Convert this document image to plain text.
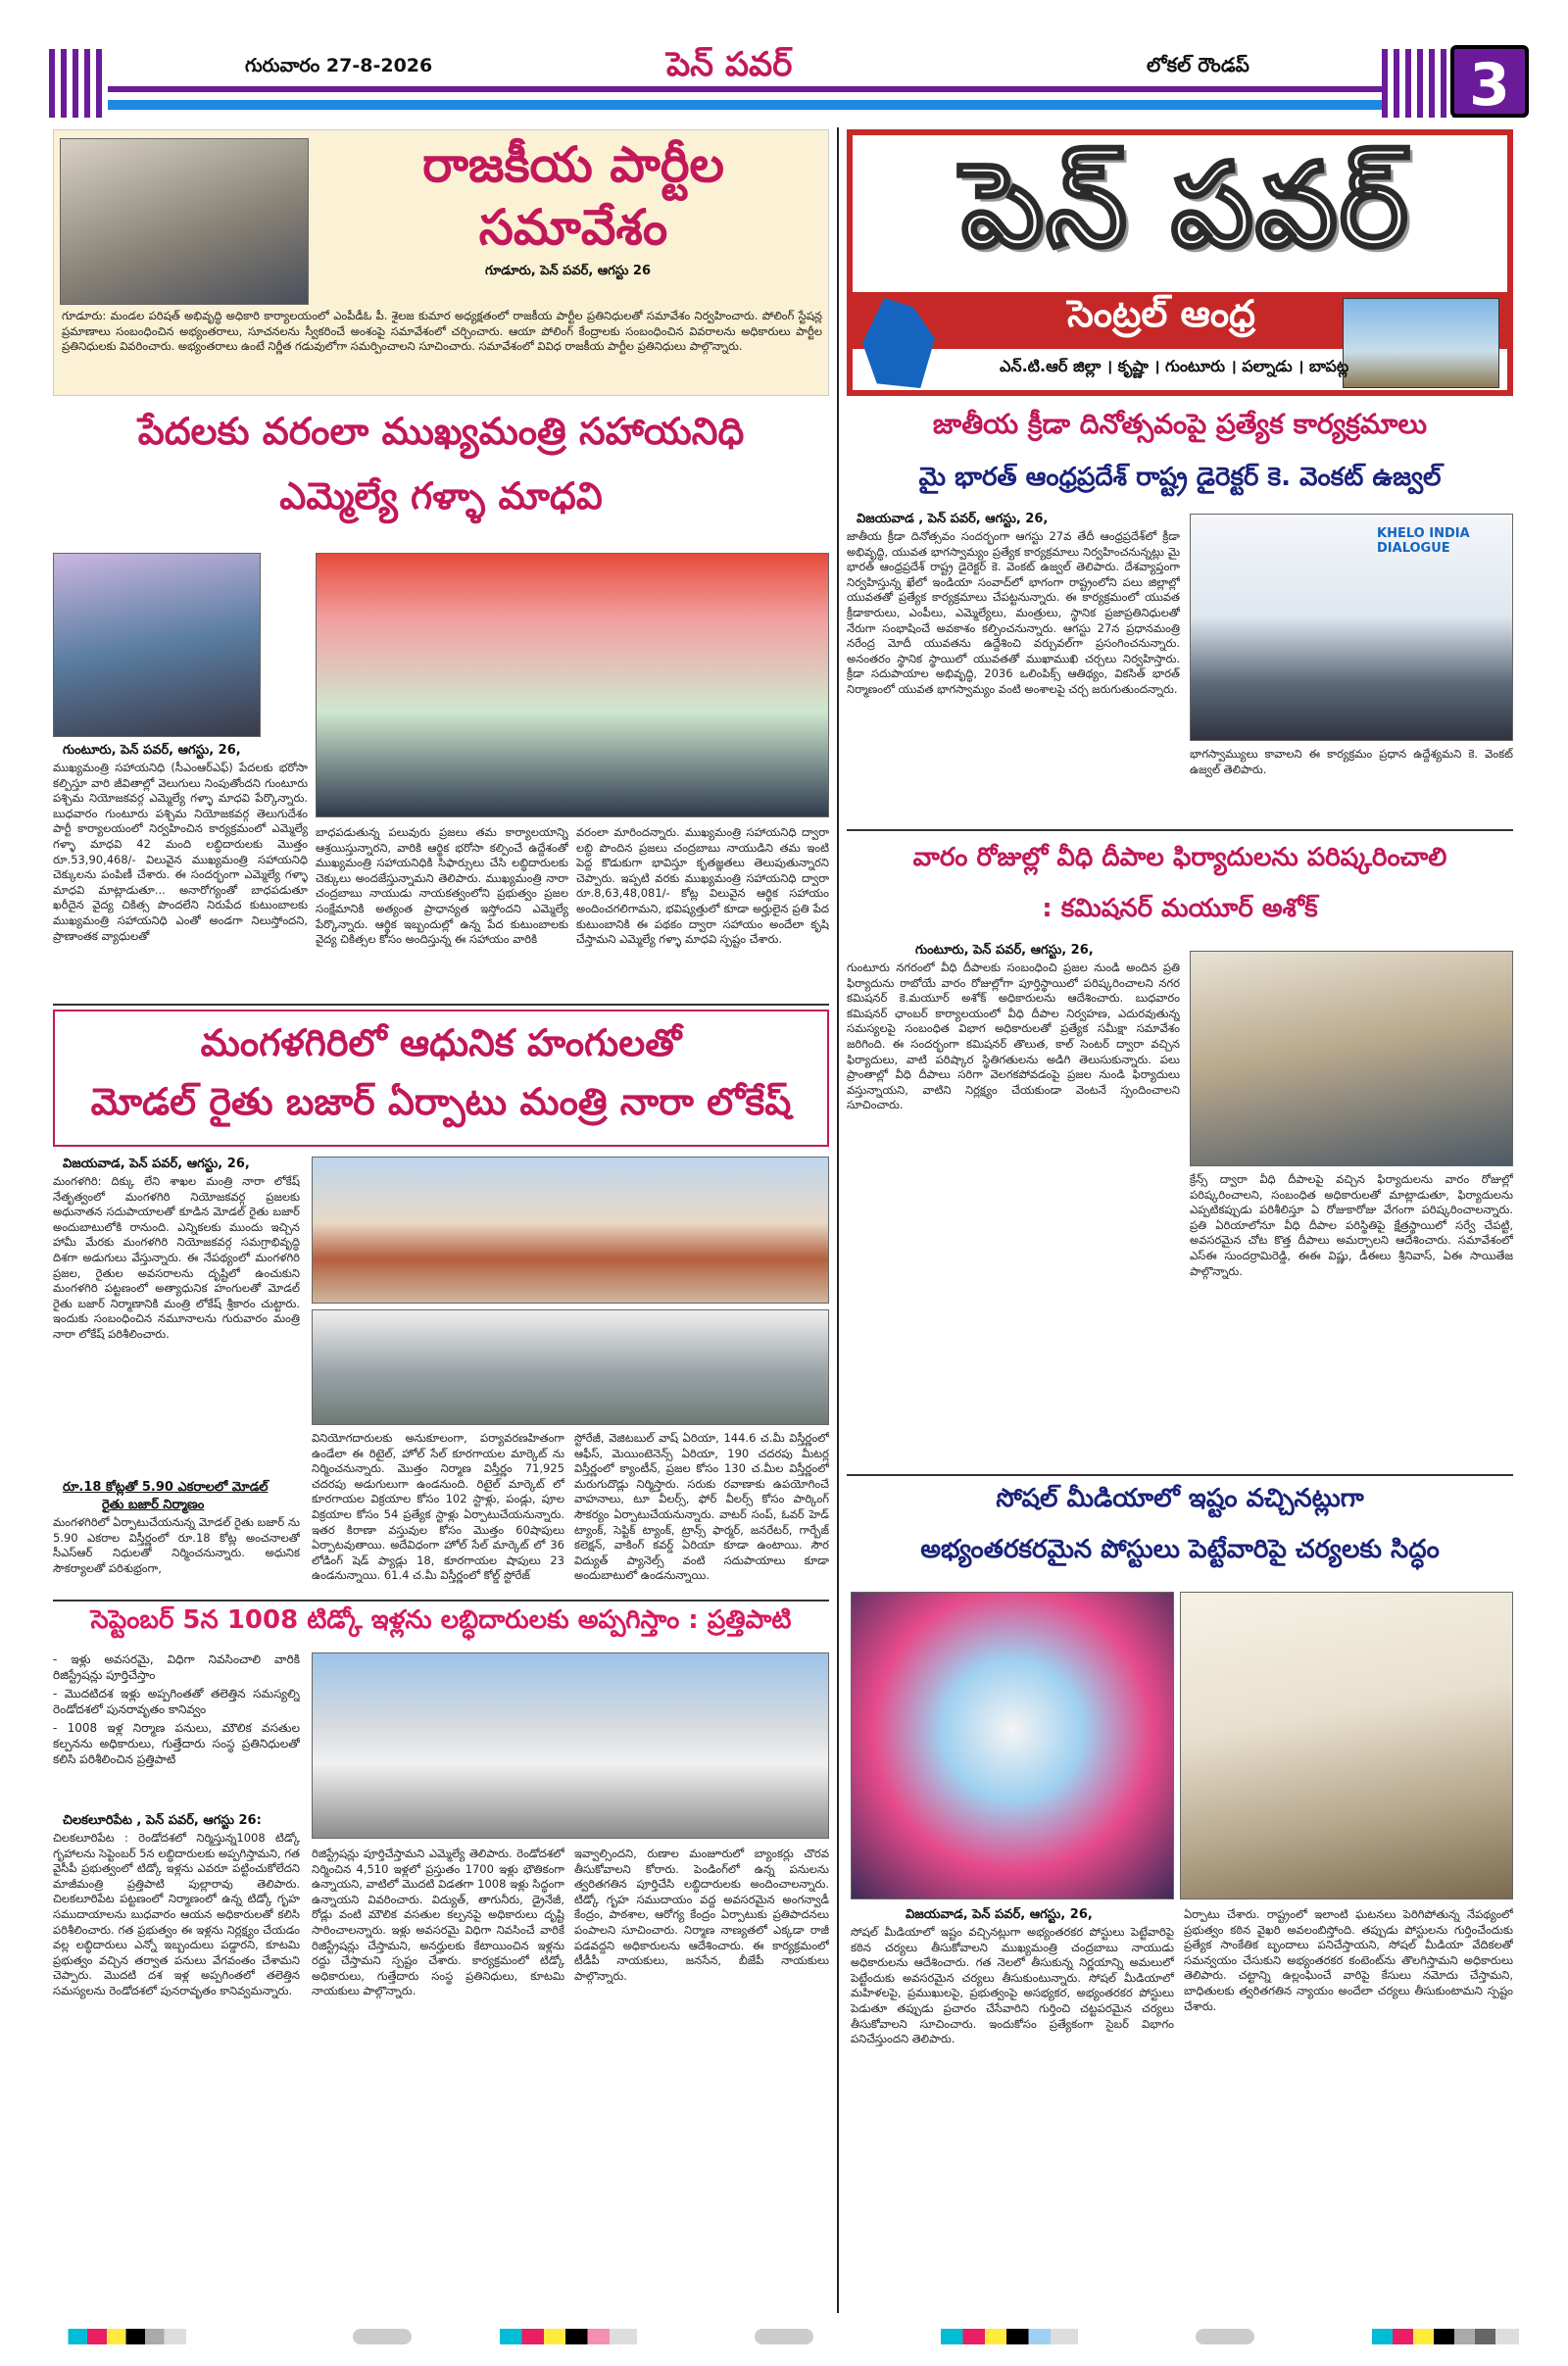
గురువారం 27-8-2026	పెన్ పవర్	లోకల్ రౌండప్	3
రాజకీయ పార్టీల
సమావేశం
గూడూరు, పెన్ పవర్, ఆగస్టు 26
గూడూరు: మండల పరిషత్ అభివృద్ధి అధికారి కార్యాలయంలో ఎంపీడీఓ పీ. శైలజ కుమార అధ్యక్షతంలో రాజకీయ పార్టీల ప్రతినిధులతో సమావేశం నిర్వహించారు. పోలింగ్ స్టేషన్ల ప్రమాణాలు సంబంధించిన అభ్యంతరాలు, సూచనలను స్వీకరించే అంశంపై సమావేశంలో చర్చించారు. ఆయా పోలింగ్ కేంద్రాలకు సంబంధించిన వివరాలను అధికారులు పార్టీల ప్రతినిధులకు వివరించారు. అభ్యంతరాలు ఉంటే నిర్ణీత గడువులోగా సమర్పించాలని సూచించారు. సమావేశంలో వివిధ రాజకీయ పార్టీల ప్రతినిధులు పాల్గొన్నారు.
పెన్ పవర్
సెంట్రల్ ఆంధ్ర
ఎన్.టి.ఆర్ జిల్లా । కృష్ణా । గుంటూరు । పల్నాడు । బాపట్ల
పేదలకు వరంలా ముఖ్యమంత్రి సహాయనిధి
ఎమ్మెల్యే గళ్ళా మాధవి
గుంటూరు, పెన్ పవర్, ఆగస్టు, 26,
ముఖ్యమంత్రి సహాయనిధి (సీఎంఆర్ఎఫ్) పేదలకు భరోసా కల్పిస్తూ వారి జీవితాల్లో వెలుగులు నింపుతోందని గుంటూరు పశ్చిమ నియోజకవర్గ ఎమ్మెల్యే గళ్ళా మాధవి పేర్కొన్నారు. బుధవారం గుంటూరు పశ్చిమ నియోజకవర్గ తెలుగుదేశం పార్టీ కార్యాలయంలో నిర్వహించిన కార్యక్రమంలో ఎమ్మెల్యే గళ్ళా మాధవి 42 మంది లబ్ధిదారులకు మొత్తం రూ.53,90,468/- విలువైన ముఖ్యమంత్రి సహాయనిధి చెక్కులను పంపిణీ చేశారు. ఈ సందర్భంగా ఎమ్మెల్యే గళ్ళా మాధవి మాట్లాడుతూ... అనారోగ్యంతో బాధపడుతూ ఖరీదైన వైద్య చికిత్స పొందలేని నిరుపేద కుటుంబాలకు ముఖ్యమంత్రి సహాయనిధి ఎంతో అండగా నిలుస్తోందని, ప్రాణాంతక వ్యాధులతో
బాధపడుతున్న పలువురు ప్రజలు తమ కార్యాలయాన్ని ఆశ్రయిస్తున్నారని, వారికి ఆర్థిక భరోసా కల్పించే ఉద్దేశంతో ముఖ్యమంత్రి సహాయనిధికి సిఫార్సులు చేసి లబ్ధిదారులకు చెక్కులు అందజేస్తున్నామని తెలిపారు. ముఖ్యమంత్రి నారా చంద్రబాబు నాయుడు నాయకత్వంలోని ప్రభుత్వం ప్రజల సంక్షేమానికి అత్యంత ప్రాధాన్యత ఇస్తోందని ఎమ్మెల్యే పేర్కొన్నారు. ఆర్థిక ఇబ్బందుల్లో ఉన్న పేద కుటుంబాలకు వైద్య చికిత్సల కోసం అందిస్తున్న ఈ సహాయం వారికి
వరంలా మారిందన్నారు. ముఖ్యమంత్రి సహాయనిధి ద్వారా లబ్ధి పొందిన ప్రజలు చంద్రబాబు నాయుడిని తమ ఇంటి పెద్ద కొడుకుగా భావిస్తూ కృతజ్ఞతలు తెలుపుతున్నారని చెప్పారు. ఇప్పటి వరకు ముఖ్యమంత్రి సహాయనిధి ద్వారా రూ.8,63,48,081/- కోట్ల విలువైన ఆర్థిక సహాయం అందించగలిగామని, భవిష్యత్తులో కూడా అర్హులైన ప్రతి పేద కుటుంబానికి ఈ పథకం ద్వారా సహాయం అందేలా కృషి చేస్తామని ఎమ్మెల్యే గళ్ళా మాధవి స్పష్టం చేశారు.
మంగళగిరిలో ఆధునిక హంగులతో
మోడల్ రైతు బజార్ ఏర్పాటు మంత్రి నారా లోకేష్
విజయవాడ, పెన్ పవర్, ఆగస్టు, 26,
మంగళగిరి: దిక్కు లేని శాఖల మంత్రి నారా లోకేష్ నేతృత్వంలో మంగళగిరి నియోజకవర్గ ప్రజలకు అధునాతన సదుపాయాలతో కూడిన మోడల్ రైతు బజార్ అందుబాటులోకి రానుంది. ఎన్నికలకు ముందు ఇచ్చిన హామీ మేరకు మంగళగిరి నియోజకవర్గ సమగ్రాభివృద్ధి దిశగా అడుగులు వేస్తున్నారు. ఈ నేపథ్యంలో మంగళగిరి ప్రజల, రైతుల అవసరాలను దృష్టిలో ఉంచుకుని మంగళగిరి పట్టణంలో అత్యాధునిక హంగులతో మోడల్ రైతు బజార్ నిర్మాణానికి మంత్రి లోకేష్ శ్రీకారం చుట్టారు. ఇందుకు సంబంధించిన నమూనాలను గురువారం మంత్రి నారా లోకేష్ పరిశీలించారు.
రూ.18 కోట్లతో 5.90 ఎకరాలలో మోడల్
రైతు బజార్ నిర్మాణం
మంగళగిరిలో ఏర్పాటుచేయనున్న మోడల్ రైతు బజార్ ను 5.90 ఎకరాల విస్తీర్ణంలో రూ.18 కోట్ల అంచనాలతో సీఎస్ఆర్ నిధులతో నిర్మించనున్నారు. అధునిక సౌకర్యాలతో పరిశుభ్రంగా,
వినియోగదారులకు అనుకూలంగా, పర్యావరణహితంగా ఉండేలా ఈ రిటైల్, హోల్ సేల్ కూరగాయల మార్కెట్ ను నిర్మించనున్నారు. మొత్తం నిర్మాణ విస్తీర్ణం 71,925 చదరపు అడుగులుగా ఉండనుంది. రిటైల్ మార్కెట్ లో కూరగాయల విక్రయాల కోసం 102 స్టాళ్లు, పండ్లు, పూల విక్రయాల కోసం 54 ప్రత్యేక స్టాళ్లు ఏర్పాటుచేయనున్నారు. ఇతర కిరాణా వస్తువుల కోసం మొత్తం 60షాపులు ఏర్పాటవుతాయి. అదేవిధంగా హోల్ సేల్ మార్కెట్ లో 36 లోడింగ్ షెడ్ ప్యాడ్లు 18, కూరగాయల షాపులు 23 ఉండనున్నాయి. 61.4 చ.మీ విస్తీర్ణంలో కోల్డ్ స్టోరేజ్
స్టోరేజీ, వెజిటబుల్ వాష్ ఏరియా, 144.6 చ.మీ విస్తీర్ణంలో ఆఫీస్, మెయింటెనెన్స్ ఏరియా, 190 చదరపు మీటర్ల విస్తీర్ణంలో క్యాంటీన్, ప్రజల కోసం 130 చ.మీల విస్తీర్ణంలో మరుగుదొడ్లు నిర్మిస్తారు. సరుకు రవాణాకు ఉపయోగించే వాహనాలు, టూ వీలర్స్, ఫోర్ వీలర్స్ కోసం పార్కింగ్ సౌకర్యం ఏర్పాటుచేయనున్నారు. వాటర్ సంప్, ఓవర్ హెడ్ ట్యాంక్, సెప్టిక్ ట్యాంక్, ట్రాన్స్ ఫార్మర్, జనరేటర్, గార్బేజ్ కలెక్షన్, వాకింగ్ కవర్డ్ ఏరియా కూడా ఉంటాయి. సౌర విద్యుత్ ప్యానెల్స్ వంటి సదుపాయాలు కూడా అందుబాటులో ఉండనున్నాయి.
సెప్టెంబర్ 5న 1008 టిడ్కో ఇళ్లను లబ్ధిదారులకు అప్పగిస్తాం : ప్రత్తిపాటి
- ఇళ్లు అవసరమై, విధిగా నివసించాలి వారికి రిజిస్ట్రేషన్లు పూర్తిచేస్తాం
- మొదటిదశ ఇళ్లు అప్పగింతతో తలెత్తిన సమస్యల్ని రెండోదశలో పునరావృతం కానివ్వం
- 1008 ఇళ్ల నిర్మాణ పనులు, మౌలిక వసతుల కల్పనను అధికారులు, గుత్తేదారు సంస్థ ప్రతినిధులతో కలిసి పరిశీలించిన ప్రత్తిపాటి
చిలకలూరిపేట , పెన్ పవర్, ఆగస్టు 26:
చిలకలూరిపేట : రెండోదశలో నిర్మిస్తున్న1008 టిడ్కో గృహాలను సెప్టెంబర్ 5న లబ్ధిదారులకు అప్పగిస్తామని, గత వైసీపీ ప్రభుత్వంలో టిడ్కో ఇళ్లను ఎవరూ పట్టించుకోలేదని మాజీమంత్రి ప్రత్తిపాటి పుల్లారావు తెలిపారు. చిలకలూరిపేట పట్టణంలో నిర్మాణంలో ఉన్న టిడ్కో గృహ సముదాయాలను బుధవారం ఆయన అధికారులతో కలిసి పరిశీలించారు. గత ప్రభుత్వం ఈ ఇళ్లను నిర్లక్ష్యం చేయడం వల్ల లబ్ధిదారులు ఎన్నో ఇబ్బందులు పడ్డారని, కూటమి ప్రభుత్వం వచ్చిన తర్వాత పనులు వేగవంతం చేశామని చెప్పారు. మొదటి దశ ఇళ్ల అప్పగింతలో తలెత్తిన సమస్యలను రెండోదశలో పునరావృతం కానివ్వమన్నారు.
రిజిస్ట్రేషన్లు పూర్తిచేస్తామని ఎమ్మెల్యే తెలిపారు. రెండోదశలో నిర్మించిన 4,510 ఇళ్లలో ప్రస్తుతం 1700 ఇళ్లు భౌతికంగా ఉన్నాయని, వాటిలో మొదటి విడతగా 1008 ఇళ్లు సిద్ధంగా ఉన్నాయని వివరించారు. విద్యుత్, తాగునీరు, డ్రైనేజీ, రోడ్లు వంటి మౌలిక వసతుల కల్పనపై అధికారులు దృష్టి సారించాలన్నారు. ఇళ్లు అవసరమై విధిగా నివసించే వారికే రిజిస్ట్రేషన్లు చేస్తామని, అనర్హులకు కేటాయించిన ఇళ్లను రద్దు చేస్తామని స్పష్టం చేశారు. కార్యక్రమంలో టిడ్కో అధికారులు, గుత్తేదారు సంస్థ ప్రతినిధులు, కూటమి నాయకులు పాల్గొన్నారు.
ఇవ్వాల్సిందని, రుణాల మంజూరులో బ్యాంకర్లు చొరవ తీసుకోవాలని కోరారు. పెండింగ్‌లో ఉన్న పనులను త్వరితగతిన పూర్తిచేసి లబ్ధిదారులకు అందించాలన్నారు. టిడ్కో గృహ సముదాయం వద్ద అవసరమైన అంగన్వాడీ కేంద్రం, పాఠశాల, ఆరోగ్య కేంద్రం ఏర్పాటుకు ప్రతిపాదనలు పంపాలని సూచించారు. నిర్మాణ నాణ్యతలో ఎక్కడా రాజీ పడవద్దని అధికారులను ఆదేశించారు. ఈ కార్యక్రమంలో టీడీపీ నాయకులు, జనసేన, బీజేపీ నాయకులు పాల్గొన్నారు.
జాతీయ క్రీడా దినోత్సవంపై ప్రత్యేక కార్యక్రమాలు
మై భారత్ ఆంధ్రప్రదేశ్ రాష్ట్ర డైరెక్టర్ కె. వెంకట్ ఉజ్వల్
విజయవాడ , పెన్ పవర్, ఆగస్టు, 26,
జాతీయ క్రీడా దినోత్సవం సందర్భంగా ఆగస్టు 27వ తేదీ ఆంధ్రప్రదేశ్‌లో క్రీడా అభివృద్ధి, యువత భాగస్వామ్యం ప్రత్యేక కార్యక్రమాలు నిర్వహించనున్నట్లు మై భారత్ ఆంధ్రప్రదేశ్ రాష్ట్ర డైరెక్టర్ కె. వెంకట్ ఉజ్వల్ తెలిపారు. దేశవ్యాప్తంగా నిర్వహిస్తున్న ఖేలో ఇండియా సంవాద్‌లో భాగంగా రాష్ట్రంలోని పలు జిల్లాల్లో యువతతో ప్రత్యేక కార్యక్రమాలు చేపట్టనున్నారు. ఈ కార్యక్రమంలో యువత క్రీడాకారులు, ఎంపీలు, ఎమ్మెల్యేలు, మంత్రులు, స్థానిక ప్రజాప్రతినిధులతో నేరుగా సంభాషించే అవకాశం కల్పించనున్నారు. ఆగస్టు 27న ప్రధానమంత్రి నరేంద్ర మోదీ యువతను ఉద్దేశించి వర్చువల్‌గా ప్రసంగించనున్నారు. అనంతరం స్థానిక స్థాయిలో యువతతో ముఖాముఖి చర్చలు నిర్వహిస్తారు. క్రీడా సదుపాయాల అభివృద్ధి, 2036 ఒలింపిక్స్ ఆతిథ్యం, వికసిత్ భారత్ నిర్మాణంలో యువత భాగస్వామ్యం వంటి అంశాలపై చర్చ జరుగుతుందన్నారు.
KHELO INDIA DIALOGUE
భాగస్వామ్యులు కావాలని ఈ కార్యక్రమం ప్రధాన ఉద్దేశ్యమని కె. వెంకట్ ఉజ్వల్ తెలిపారు.
వారం రోజుల్లో వీధి దీపాల ఫిర్యాదులను పరిష్కరించాలి
: కమిషనర్ మయూర్ అశోక్
గుంటూరు, పెన్ పవర్, ఆగస్టు, 26,
గుంటూరు నగరంలో వీధి దీపాలకు సంబంధించి ప్రజల నుండి అందిన ప్రతి ఫిర్యాదును రాబోయే వారం రోజుల్లోగా పూర్తిస్థాయిలో పరిష్కరించాలని నగర కమిషనర్ కె.మయూర్ అశోక్ అధికారులను ఆదేశించారు. బుధవారం కమిషనర్ ఛాంబర్ కార్యాలయంలో వీధి దీపాల నిర్వహణ, ఎదురవుతున్న సమస్యలపై సంబంధిత విభాగ అధికారులతో ప్రత్యేక సమీక్షా సమావేశం జరిగింది. ఈ సందర్భంగా కమిషనర్ తొలుత, కాల్ సెంటర్ ద్వారా వచ్చిన ఫిర్యాదులు, వాటి పరిష్కార స్థితిగతులను అడిగి తెలుసుకున్నారు. పలు ప్రాంతాల్లో వీధి దీపాలు సరిగా వెలగకపోవడంపై ప్రజల నుండి ఫిర్యాదులు వస్తున్నాయని, వాటిని నిర్లక్ష్యం చేయకుండా వెంటనే స్పందించాలని సూచించారు.
క్రేన్స్ ద్వారా వీధి దీపాలపై వచ్చిన ఫిర్యాదులను వారం రోజుల్లో పరిష్కరించాలని, సంబంధిత అధికారులతో మాట్లాడుతూ, ఫిర్యాదులను ఎప్పటికప్పుడు పరిశీలిస్తూ ఏ రోజుకారోజు వేగంగా పరిష్కరించాలన్నారు. ప్రతి ఏరియాలోనూ వీధి దీపాల పరిస్థితిపై క్షేత్రస్థాయిలో సర్వే చేపట్టి, అవసరమైన చోట కొత్త దీపాలు అమర్చాలని ఆదేశించారు. సమావేశంలో ఎస్ఈ సుందర్రామిరెడ్డి, ఈఈ విష్ణు, డీఈలు శ్రీనివాస్, ఏఈ సాయితేజ పాల్గొన్నారు.
సోషల్ మీడియాలో ఇష్టం వచ్చినట్లుగా
అభ్యంతరకరమైన పోస్టులు పెట్టేవారిపై చర్యలకు సిద్ధం
విజయవాడ, పెన్ పవర్, ఆగస్టు, 26,
సోషల్ మీడియాలో ఇష్టం వచ్చినట్లుగా అభ్యంతరకర పోస్టులు పెట్టేవారిపై కఠిన చర్యలు తీసుకోవాలని ముఖ్యమంత్రి చంద్రబాబు నాయుడు అధికారులను ఆదేశించారు. గత నెలలో తీసుకున్న నిర్ణయాన్ని అమలులో పెట్టేందుకు అవసరమైన చర్యలు తీసుకుంటున్నారు. సోషల్ మీడియాలో మహిళలపై, ప్రముఖులపై, ప్రభుత్వంపై అసభ్యకర, అభ్యంతరకర పోస్టులు పెడుతూ తప్పుడు ప్రచారం చేసేవారిని గుర్తించి చట్టపరమైన చర్యలు తీసుకోవాలని సూచించారు. ఇందుకోసం ప్రత్యేకంగా సైబర్ విభాగం పనిచేస్తుందని తెలిపారు.
ఏర్పాటు చేశారు. రాష్ట్రంలో ఇలాంటి ఘటనలు పెరిగిపోతున్న నేపథ్యంలో ప్రభుత్వం కఠిన వైఖరి అవలంబిస్తోంది. తప్పుడు పోస్టులను గుర్తించేందుకు ప్రత్యేక సాంకేతిక బృందాలు పనిచేస్తాయని, సోషల్ మీడియా వేదికలతో సమన్వయం చేసుకుని అభ్యంతరకర కంటెంట్‌ను తొలగిస్తామని అధికారులు తెలిపారు. చట్టాన్ని ఉల్లంఘించే వారిపై కేసులు నమోదు చేస్తామని, బాధితులకు త్వరితగతిన న్యాయం అందేలా చర్యలు తీసుకుంటామని స్పష్టం చేశారు.
